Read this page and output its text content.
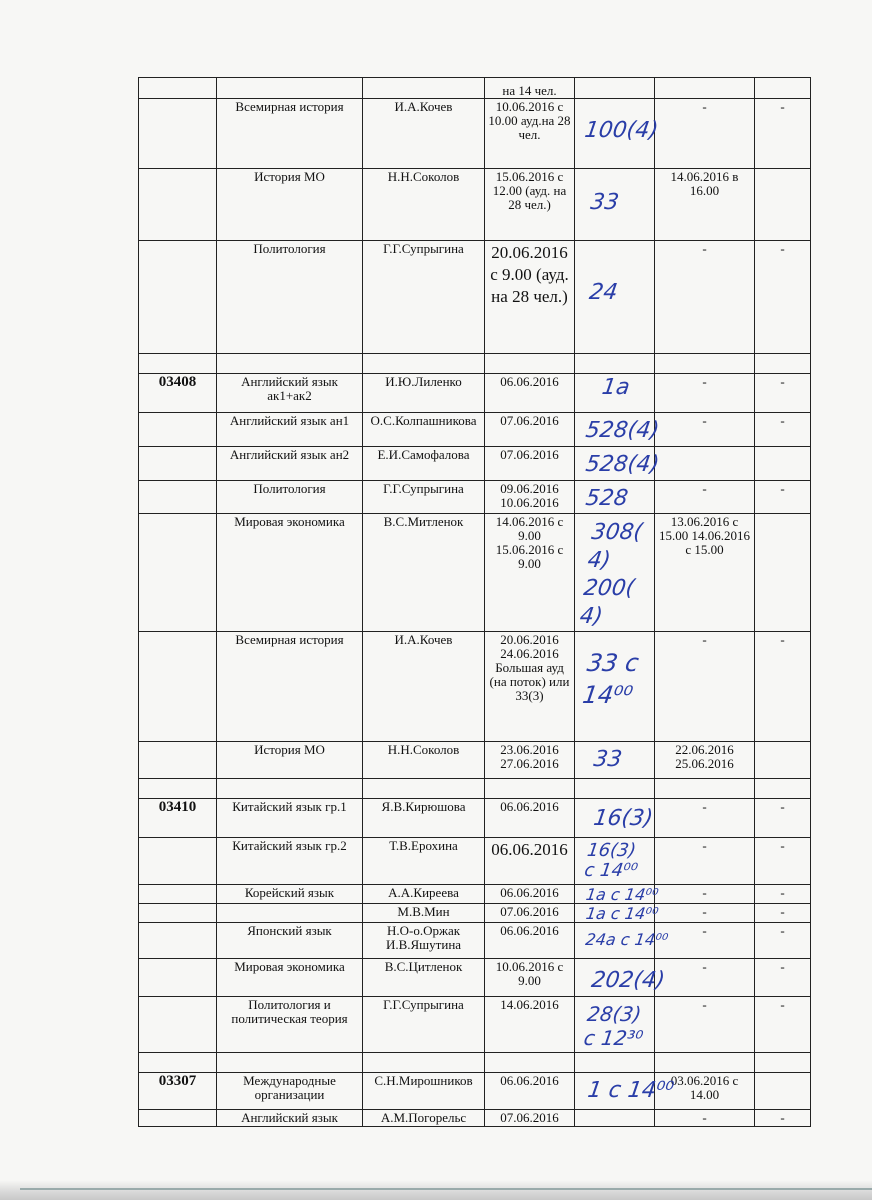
			на 14 чел.			
	Всемирная история	И.А.Кочев	10.06.2016 с 10.00 ауд.на 28 чел.	100(4)	-	-
	История МО	Н.Н.Соколов	15.06.2016 с 12.00 (ауд. на 28 чел.)	33	14.06.2016 в 16.00	
	Политология	Г.Г.Супрыгина	20.06.2016 с 9.00 (ауд. на 28 чел.)	24	-	-

03408	Английский язык ак1+ак2	И.Ю.Лиленко	06.06.2016	1а	-	-
	Английский язык ан1	О.С.Колпашникова	07.06.2016	528(4)	-	-
	Английский язык ан2	Е.И.Самофалова	07.06.2016	528(4)		

	Политология	Г.Г.Супрыгина	09.06.2016 10.06.2016	528	-	-
	Мировая экономика	В.С.Митленок	14.06.2016 с 9.00 15.06.2016 с 9.00	308(4) 200(4)	13.06.2016 с 15.00 14.06.2016 с 15.00	
	Всемирная история	И.А.Кочев	20.06.2016 24.06.2016 Большая ауд (на поток) или 33(3)	33 с 14⁰⁰	-	-
	История МО	Н.Н.Соколов	23.06.2016 27.06.2016	33	22.06.2016 25.06.2016	

03410	Китайский язык гр.1	Я.В.Кирюшова	06.06.2016	16(3)	-	-
	Китайский язык гр.2	Т.В.Ерохина	06.06.2016	16(3) с 14⁰⁰	-	-
	Корейский язык	А.А.Киреева	06.06.2016	1а с 14⁰⁰	-	-
		М.В.Мин	07.06.2016	1а с 14⁰⁰	-	-
	Японский язык	Н.О-о.Оржак И.В.Яшутина	06.06.2016	24а с 14⁰⁰	-	-
	Мировая экономика	В.С.Цитленок	10.06.2016 с 9.00	202(4)	-	-
	Политология и политическая теория	Г.Г.Супрыгина	14.06.2016	28(3) с 12³⁰	-	-

03307	Международные организации	С.Н.Мирошников	06.06.2016	1 с 14⁰⁰	03.06.2016 с 14.00	
	Английский язык	А.М.Погорельс	07.06.2016		-	-
